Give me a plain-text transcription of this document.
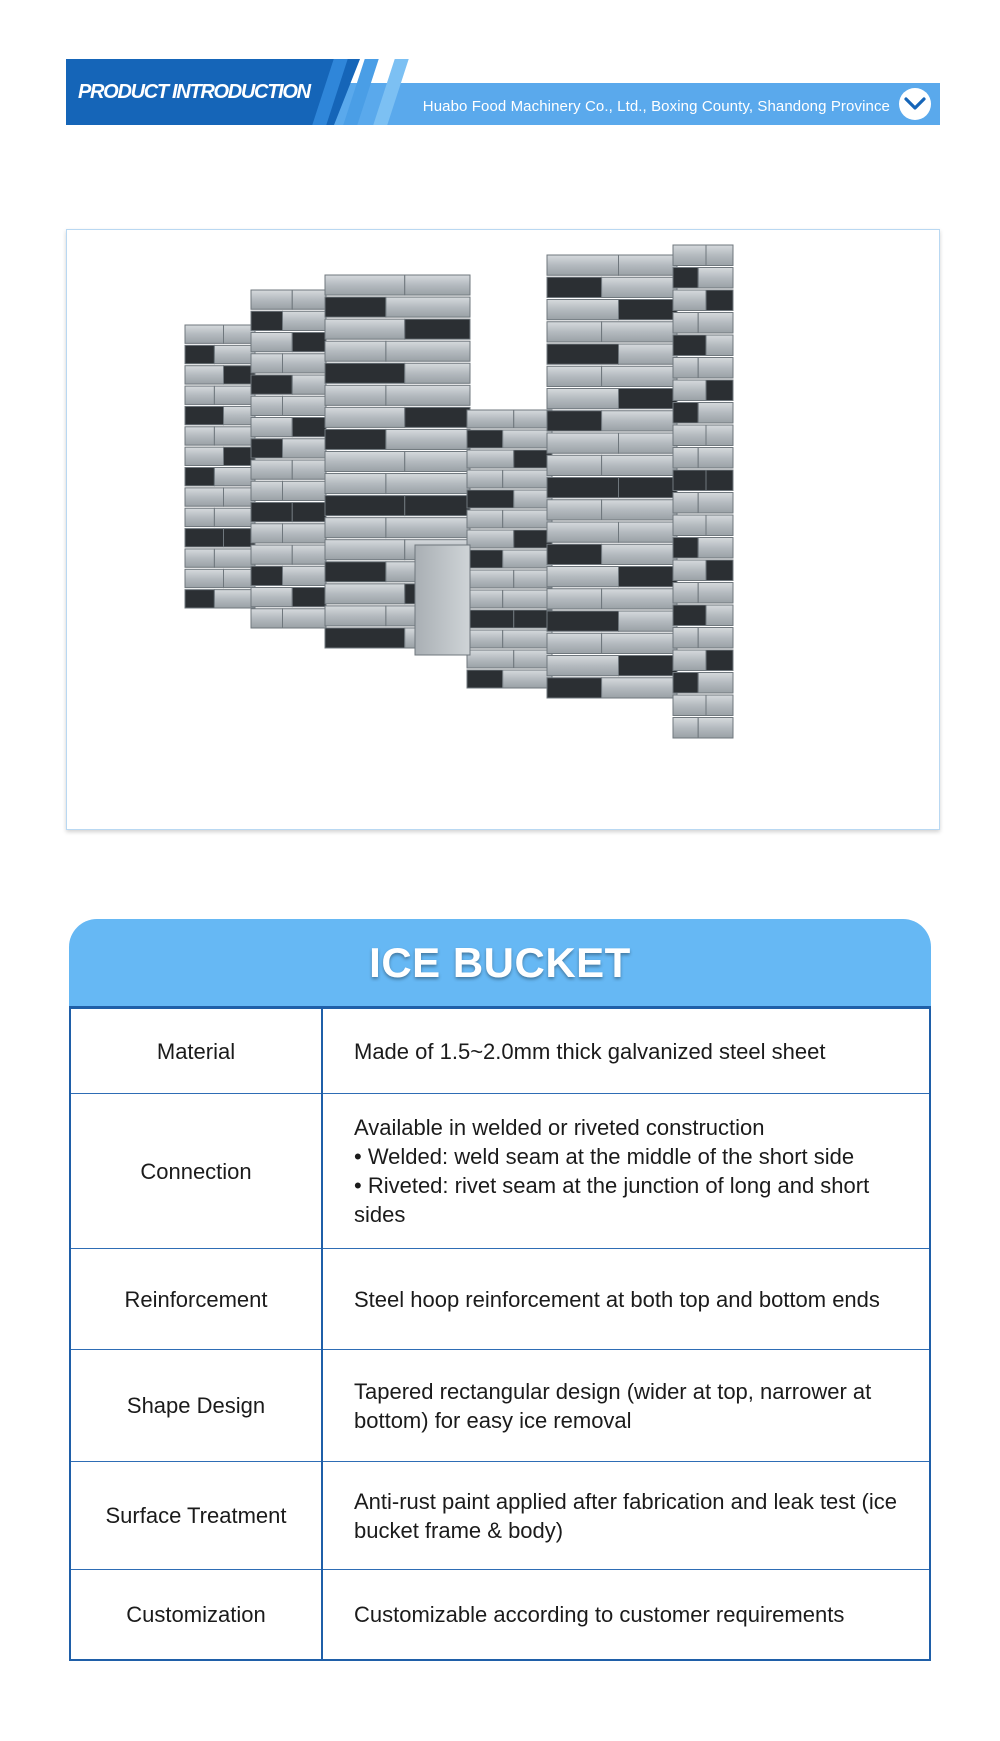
PRODUCT INTRODUCTION
Huabo Food Machinery Co., Ltd., Boxing County, Shandong Province
ICE BUCKET
Material	Made of 1.5~2.0mm thick galvanized steel sheet
Connection	Available in welded or riveted construction
• Welded: weld seam at the middle of the short side
• Riveted: rivet seam at the junction of long and short sides

Reinforcement	Steel hoop reinforcement at both top and bottom ends
Shape Design	Tapered rectangular design (wider at top, narrower at bottom) for easy ice removal
Surface Treatment	Anti-rust paint applied after fabrication and leak test (ice bucket frame & body)
Customization	Customizable according to customer requirements
